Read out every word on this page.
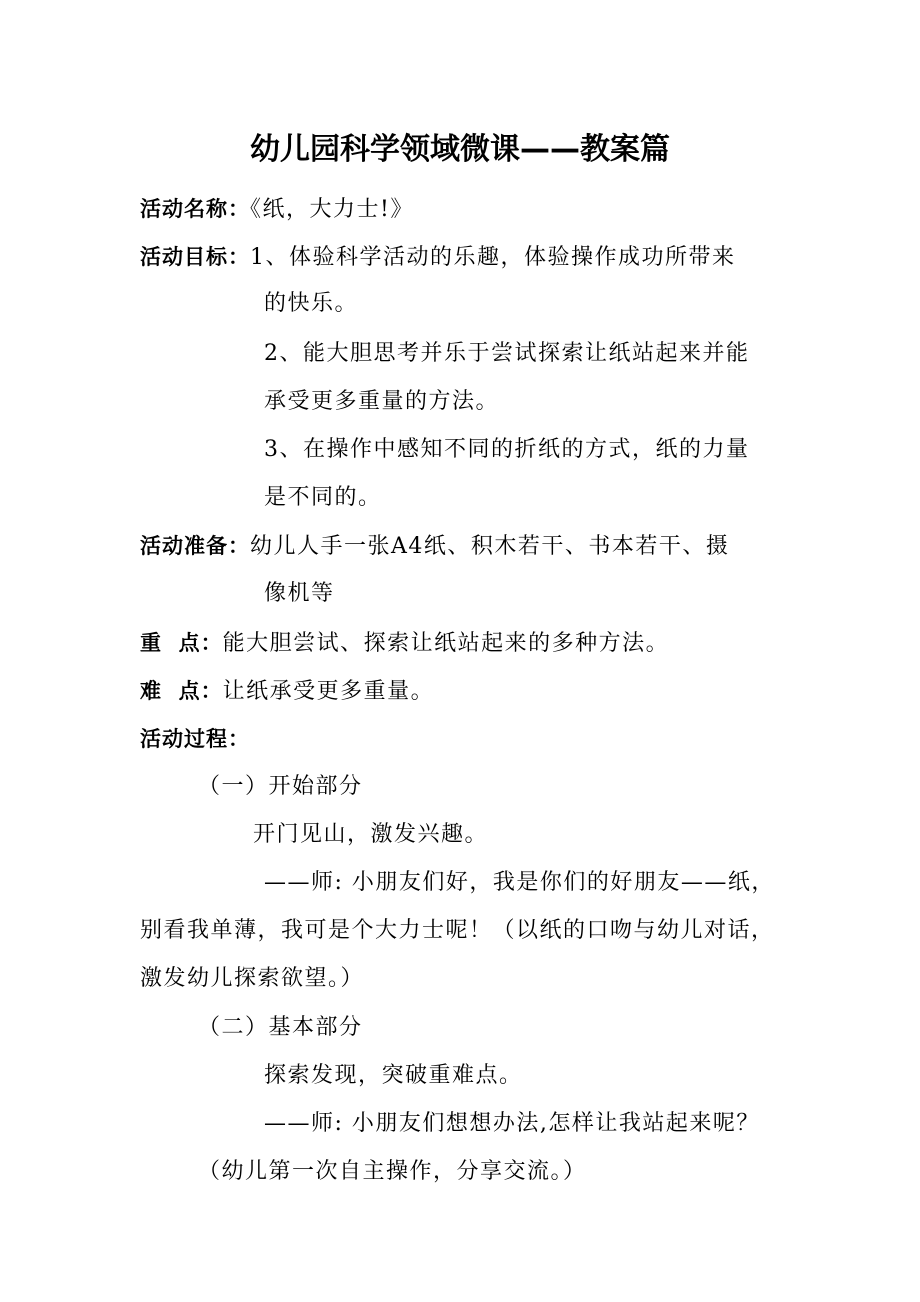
幼儿园科学领域微课——教案篇
活动名称：《纸，大力士!》
活动目标：1、体验科学活动的乐趣，体验操作成功所带来
的快乐。
2、能大胆思考并乐于尝试探索让纸站起来并能
承受更多重量的方法。
3、在操作中感知不同的折纸的方式，纸的力量
是不同的。
活动准备：幼儿人手一张A4纸、积木若干、书本若干、摄
像机等
重  点：能大胆尝试、探索让纸站起来的多种方法。
难  点：让纸承受更多重量。
活动过程：
（一）开始部分
开门见山，激发兴趣。
——师: 小朋友们好，我是你们的好朋友——纸，
别看我单薄，我可是个大力士呢！（以纸的口吻与幼儿对话，
激发幼儿探索欲望。）
（二）基本部分
探索发现，突破重难点。
——师: 小朋友们想想办法,怎样让我站起来呢？
（幼儿第一次自主操作，分享交流。）
